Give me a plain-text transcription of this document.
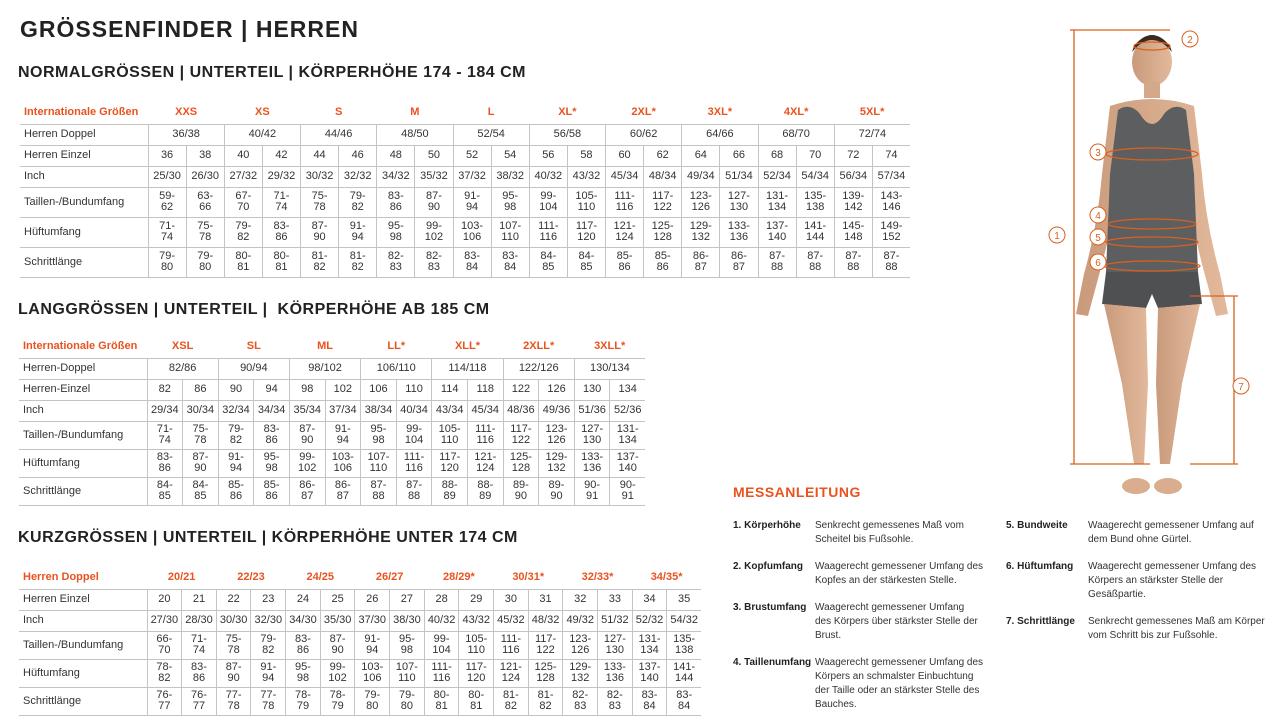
GRÖSSENFINDER | HERREN
NORMALGRÖSSEN | UNTERTEIL | KÖRPERHÖHE 174 - 184 CM
Internationale Größen	XXS		XS		S		M		L		XL*		2XL*		3XL*		4XL*		5XL*	
Herren Doppel	36/38		40/42		44/46		48/50		52/54		56/58		60/62		64/66		68/70		72/74	
Herren Einzel	36	38	40	42	44	46	48	50	52	54	56	58	60	62	64	66	68	70	72	74
Inch	25/30	26/30	27/32	29/32	30/32	32/32	34/32	35/32	37/32	38/32	40/32	43/32	45/34	48/34	49/34	51/34	52/34	54/34	56/34	57/34
Taillen-/Bundumfang	59-62	63-66	67-70	71-74	75-78	79-82	83-86	87-90	91-94	95-98	99-104	105-110	111-116	117-122	123-126	127-130	131-134	135-138	139-142	143-146
Hüftumfang	71-74	75-78	79-82	83-86	87-90	91-94	95-98	99-102	103-106	107-110	111-116	117-120	121-124	125-128	129-132	133-136	137-140	141-144	145-148	149-152
Schrittlänge	79-80	79-80	80-81	80-81	81-82	81-82	82-83	82-83	83-84	83-84	84-85	84-85	85-86	85-86	86-87	86-87	87-88	87-88	87-88	87-88
LANGGRÖSSEN | UNTERTEIL |  KÖRPERHÖHE AB 185 CM
Internationale Größen	XSL		SL		ML		LL*		XLL*		2XLL*		3XLL*	
Herren-Doppel	82/86		90/94		98/102		106/110		114/118		122/126		130/134	
Herren-Einzel	82	86	90	94	98	102	106	110	114	118	122	126	130	134
Inch	29/34	30/34	32/34	34/34	35/34	37/34	38/34	40/34	43/34	45/34	48/36	49/36	51/36	52/36
Taillen-/Bundumfang	71-74	75-78	79-82	83-86	87-90	91-94	95-98	99-104	105-110	111-116	117-122	123-126	127-130	131-134
Hüftumfang	83-86	87-90	91-94	95-98	99-102	103-106	107-110	111-116	117-120	121-124	125-128	129-132	133-136	137-140
Schrittlänge	84-85	84-85	85-86	85-86	86-87	86-87	87-88	87-88	88-89	88-89	89-90	89-90	90-91	90-91
KURZGRÖSSEN | UNTERTEIL | KÖRPERHÖHE UNTER 174 CM
Herren Doppel	20/21		22/23		24/25		26/27		28/29*		30/31*		32/33*		34/35*	
Herren Einzel	20	21	22	23	24	25	26	27	28	29	30	31	32	33	34	35
Inch	27/30	28/30	30/30	32/30	34/30	35/30	37/30	38/30	40/32	43/32	45/32	48/32	49/32	51/32	52/32	54/32
Taillen-/Bundumfang	66-70	71-74	75-78	79-82	83-86	87-90	91-94	95-98	99-104	105-110	111-116	117-122	123-126	127-130	131-134	135-138
Hüftumfang	78-82	83-86	87-90	91-94	95-98	99-102	103-106	107-110	111-116	117-120	121-124	125-128	129-132	133-136	137-140	141-144
Schrittlänge	76-77	76-77	77-78	77-78	78-79	78-79	79-80	79-80	80-81	80-81	81-82	81-82	82-83	82-83	83-84	83-84
1
2
3
4
5
6
7
MESSANLEITUNG
1. Körperhöhe Senkrecht gemessenes Maß vom Scheitel bis Fußsohle.
2. Kopfumfang Waagerecht gemessener Umfang des Kopfes an der stärkesten Stelle.
3. Brustumfang Waagerecht gemessener Umfang des Körpers über stärkster Stelle der Brust.
4. Taillenumfang Waagerecht gemessener Umfang des Körpers an schmalster Einbuchtung der Taille oder an stärkster Stelle des Bauches.
5. Bundweite Waagerecht gemessener Umfang auf dem Bund ohne Gürtel.
6. Hüftumfang Waagerecht gemessener Umfang des Körpers an stärkster Stelle der Gesäßpartie.
7. Schrittlänge Senkrecht gemessenes Maß am Körper vom Schritt bis zur Fußsohle.
